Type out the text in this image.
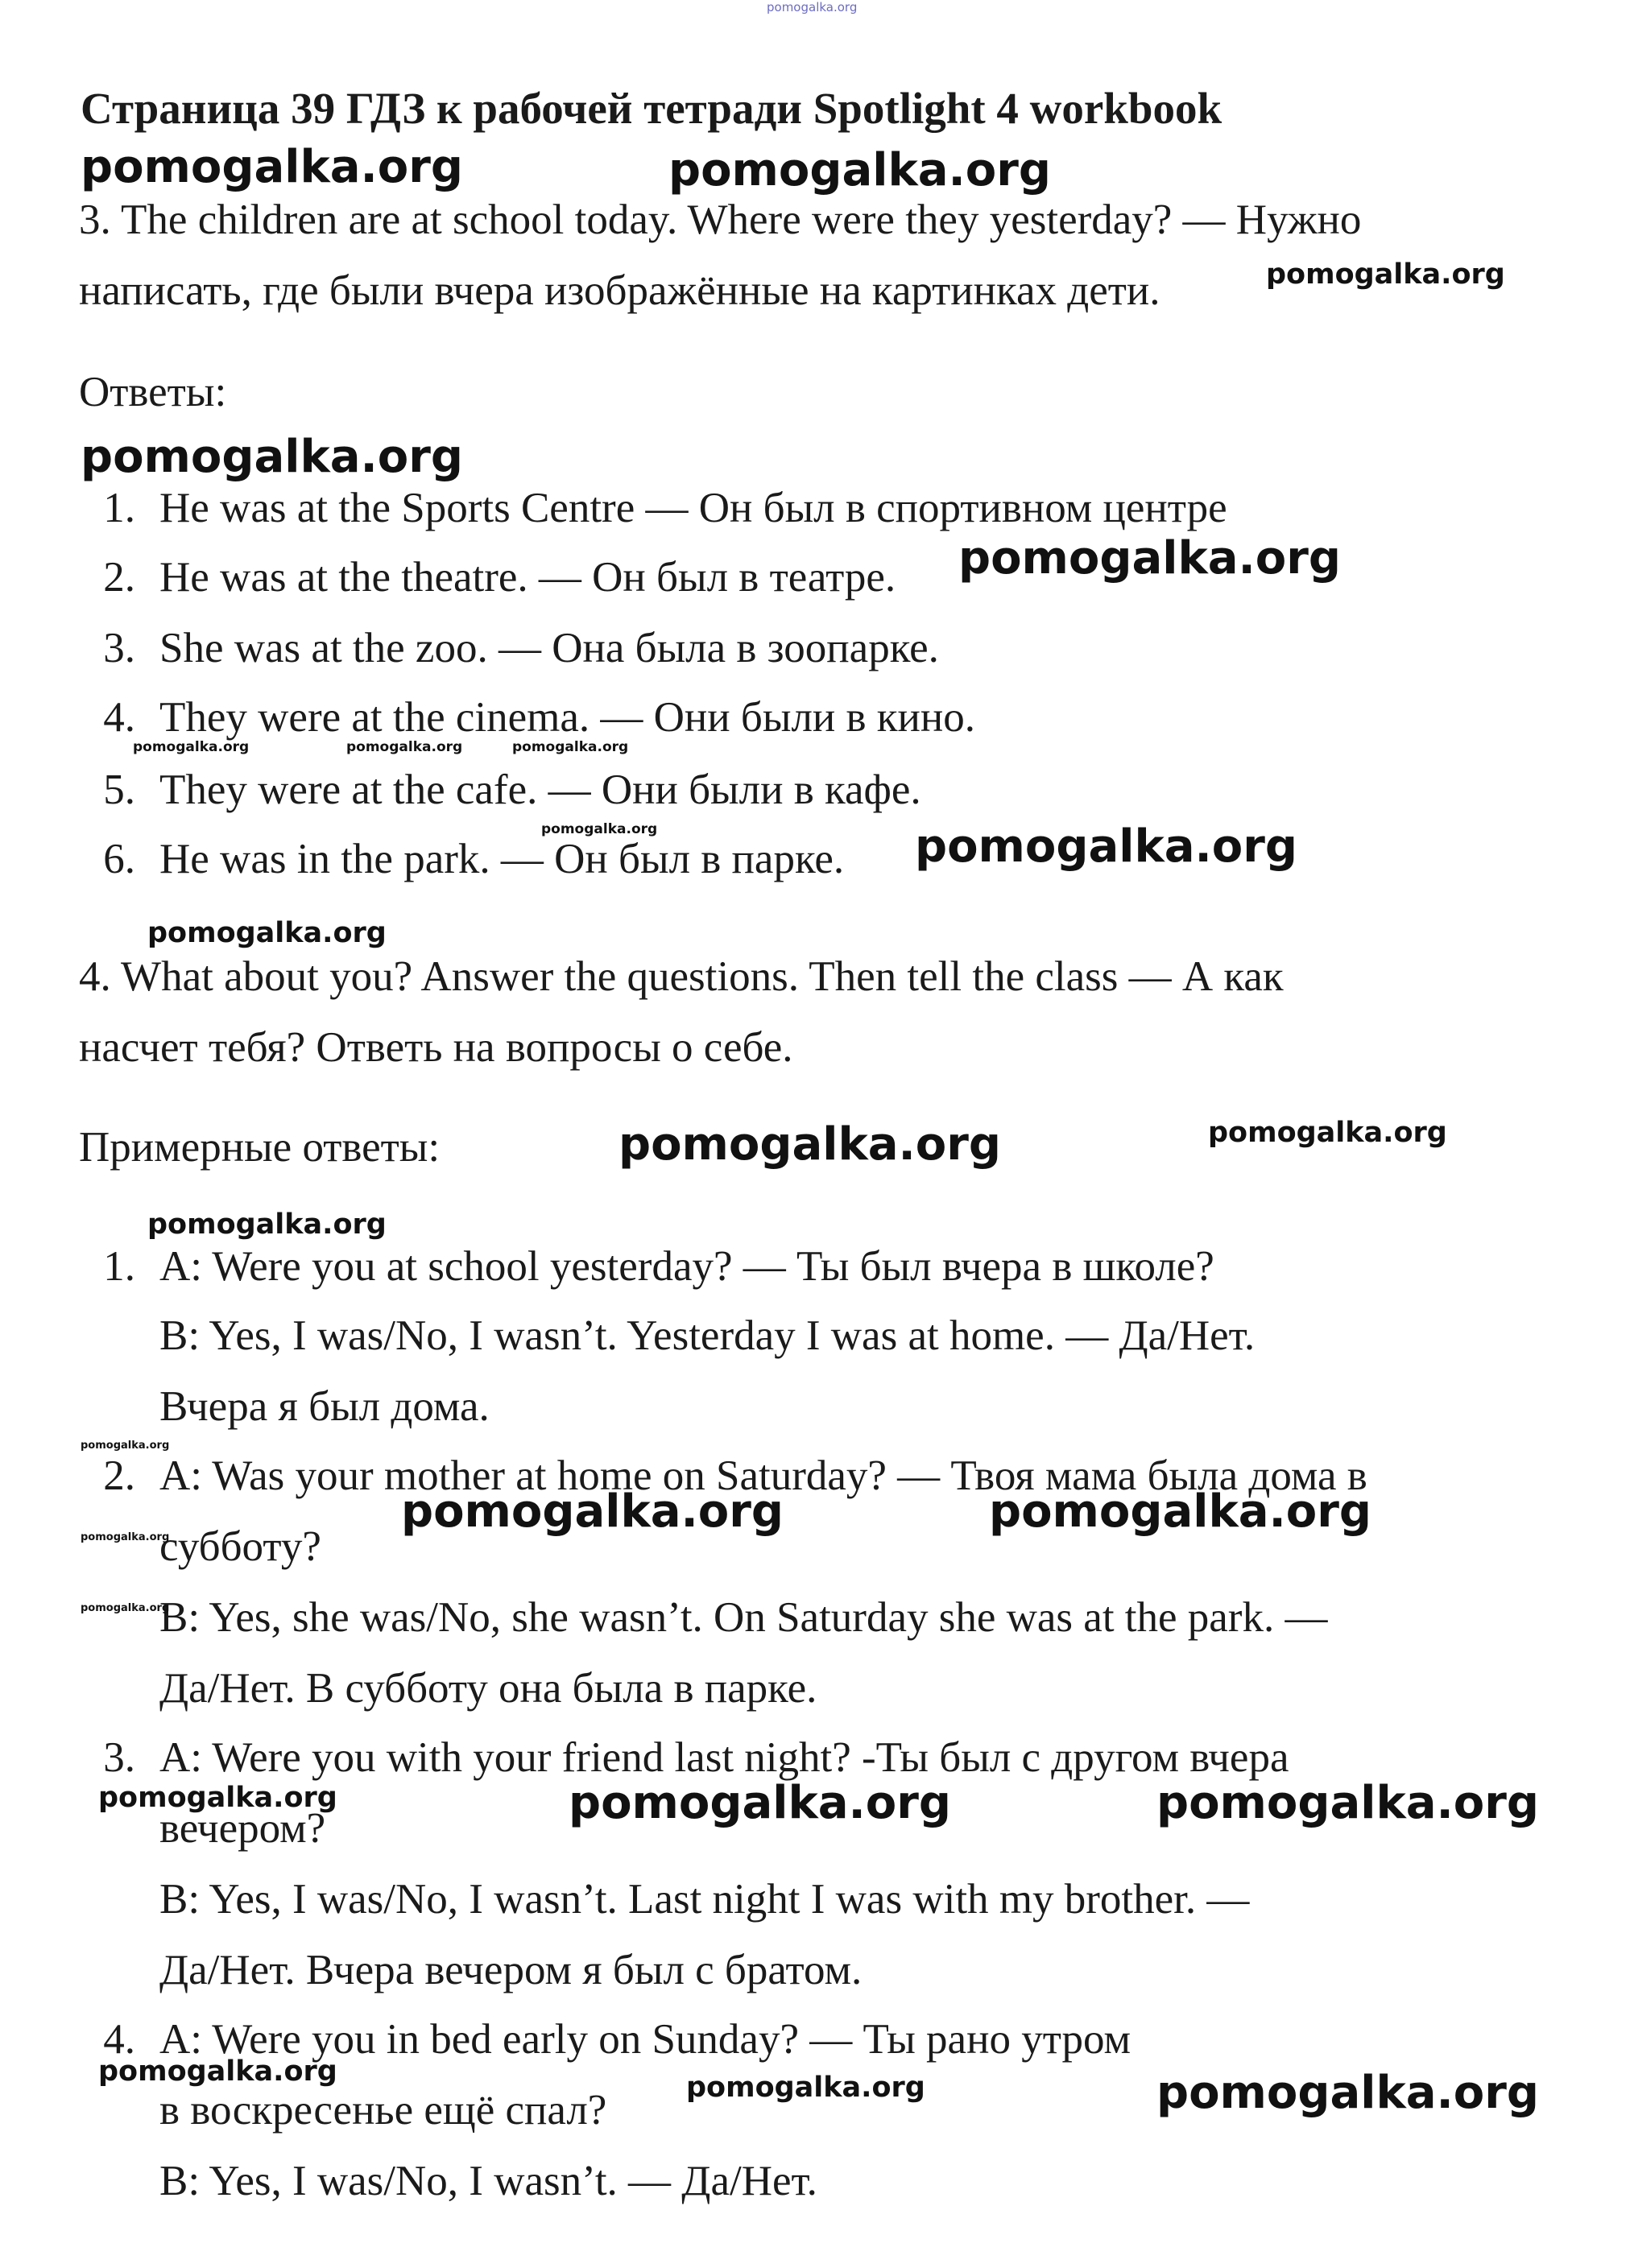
pomogalka.org
Страница 39 ГДЗ к рабочей тетради Spotlight 4 workbook
3. The children are at school today. Where were they yesterday? — Нужно
написать, где были вчера изображённые на картинках дети.
Ответы:
1. He was at the Sports Centre — Он был в спортивном центре
2. He was at the theatre. — Он был в театре.
3. She was at the zoo. — Она была в зоопарке.
4. They were at the cinema. — Они были в кино.
5. They were at the cafe. — Они были в кафе.
6. He was in the park. — Он был в парке.
4. What about you? Answer the questions. Then tell the class — А как
насчет тебя? Ответь на вопросы о себе.
Примерные ответы:
1. A: Were you at school yesterday? — Ты был вчера в школе?
B: Yes, I was/No, I wasn’t. Yesterday I was at home. — Да/Нет.
Вчера я был дома.
2. A: Was your mother at home on Saturday? — Твоя мама была дома в
субботу?
B: Yes, she was/No, she wasn’t. On Saturday she was at the park. —
Да/Нет. В субботу она была в парке.
3. A: Were you with your friend last night? -Ты был с другом вчера
вечером?
B: Yes, I was/No, I wasn’t. Last night I was with my brother. —
Да/Нет. Вчера вечером я был с братом.
4. A: Were you in bed early on Sunday? — Ты рано утром
в воскресенье ещё спал?
B: Yes, I was/No, I wasn’t. — Да/Нет.
pomogalka.org	pomogalka.org
pomogalka.org
pomogalka.org
pomogalka.org
pomogalka.org	pomogalka.org	pomogalka.org
pomogalka.org	pomogalka.org
pomogalka.org
pomogalka.org	pomogalka.org
pomogalka.org
pomogalka.org
pomogalka.org
pomogalka.org
pomogalka.org	pomogalka.org
pomogalka.org	pomogalka.org	pomogalka.org
pomogalka.org	pomogalka.org	pomogalka.org
